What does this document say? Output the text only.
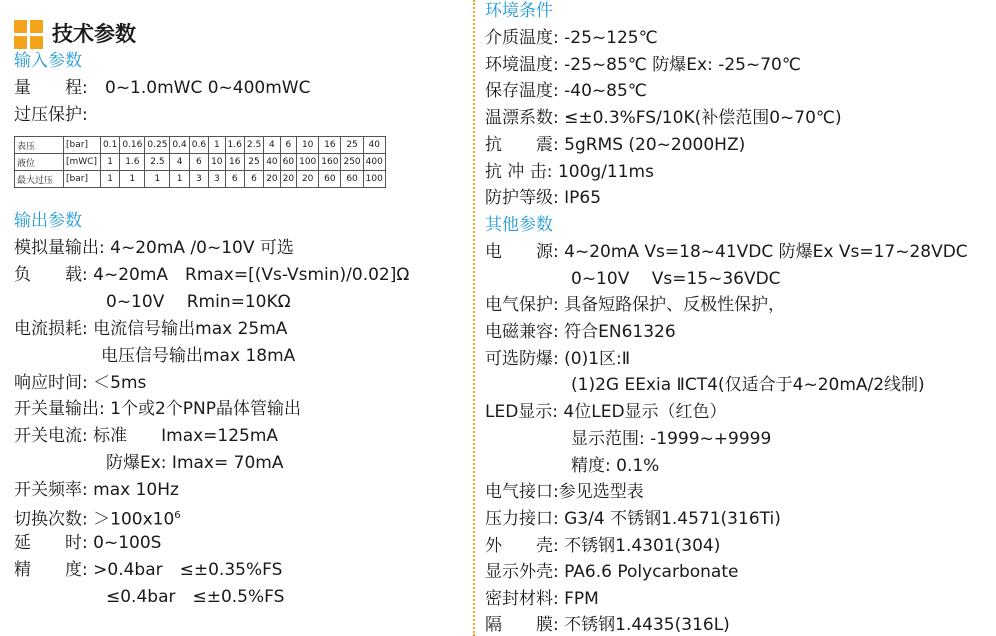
技术参数
输入参数
量　　程: 0~1.0mWC 0~400mWC
过压保护:
表压	[bar]	0.1	0.16	0.25	0.4	0.6	1	1.6	2.5	4	6	10	16	25	40
液位	[mWC]	1	1.6	2.5	4	6	10	16	25	40	60	100	160	250	400
最大过压	[bar]	1	1	1	1	3	3	6	6	20	20	20	60	60	100
输出参数
模拟量输出: 4~20mA /0~10V 可选
负　　载: 4~20mA　Rmax=[(Vs-Vsmin)/0.02]Ω
0~10V　 Rmin=10KΩ
电流损耗: 电流信号输出max 25mA
电压信号输出max 18mA
响应时间: ＜5ms
开关量输出: 1个或2个PNP晶体管输出
开关电流: 标准　　Ⅰmax=125mA
防爆Ex: Ⅰmax= 70mA
开关频率: max 10Hz
切换次数: $>100x10^6$
延　　时: 0~100S
精　　度: >0.4bar　≤±0.35%FS
≤0.4bar　≤±0.5%FS
环境条件
介质温度: -25~125℃
环境温度: -25~85℃ 防爆Ex: -25~70℃
保存温度: -40~85℃
温漂系数: ≤±0.3%FS/10K(补偿范围0~70℃)
抗　　震: 5gRMS (20~2000HZ)
抗 冲 击: 100g/11ms
防护等级: IP65
其他参数
电　　源: 4~20mA Vs=18~41VDC 防爆Ex Vs=17~28VDC
0~10V　 Vs=15~36VDC
电气保护: 具备短路保护、反极性保护，
电磁兼容: 符合EN61326
可选防爆: (0)1区:Ⅱ
(1)2G EExia ⅡCT4(仅适合于4~20mA/2线制)
LED显示: 4位LED显示（红色）
显示范围: -1999~+9999
精度: 0.1%
电气接口:参见选型表
压力接口: G3/4 不锈钢1.4571(316Ti)
外　　壳: 不锈钢1.4301(304)
显示外壳: PA6.6 Polycarbonate
密封材料: FPM
隔　　膜: 不锈钢1.4435(316L)
